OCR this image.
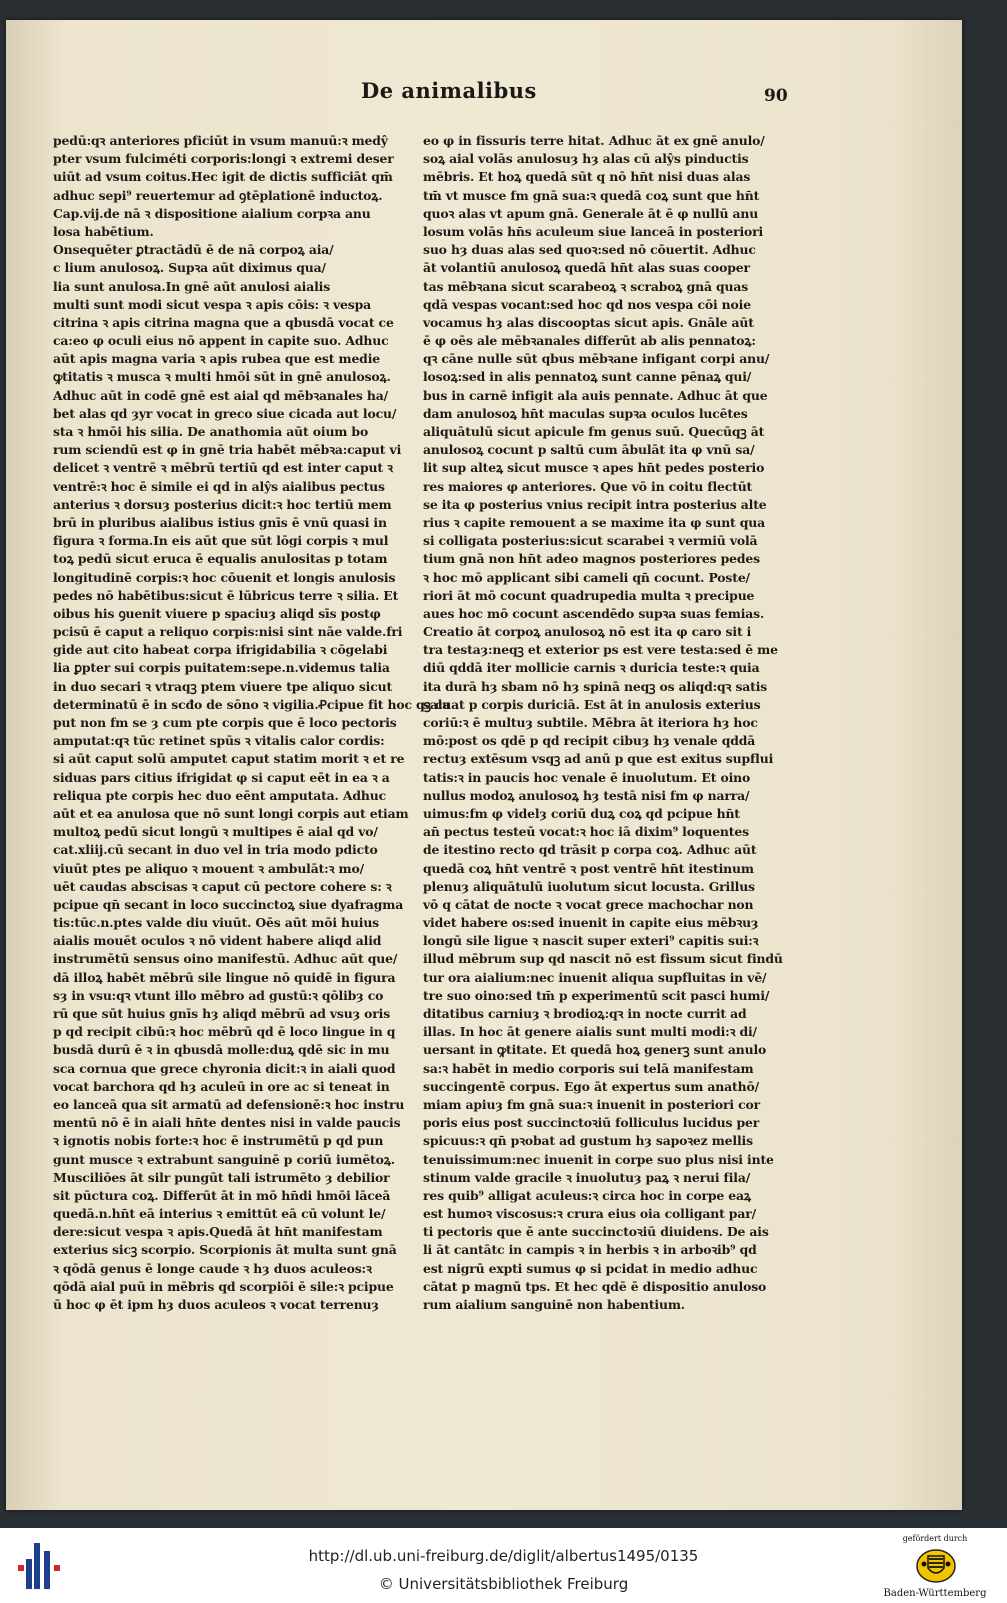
De animalibus	90
pedū:qꝛ anteriores pficiūt in vsum manuū:ꝛ medŷ
pter vsum fulciméti corporis:longi ꝛ extremi deser
uiūt ad vsum coitus.Hec igit de dictis sufficiāt qm̄
adhuc sepi⁹ reuertemur ad ꝯtēplationē inductoꝝ.
Cap.vij.de nā ꝛ dispositione aialium corpꝛa anu
losa habētium.
Onsequēter ꝑtractādū ē de nā corpoꝝ aia/
c lium anulosoꝝ. Supꝛa aūt diximus qua/
lia sunt anulosa.In gnē aūt anulosi aialis
multi sunt modi sicut vespa ꝛ apis cōis: ꝛ vespa
citrina ꝛ apis citrina magna que a qbusdā vocat ce
ca:eo φ oculi eius nō appent in capite suo. Adhuc
aūt apis magna varia ꝛ apis rubea que est medie
ꝙtitatis ꝛ musca ꝛ multi hmōi sūt in gnē anulosoꝝ.
Adhuc aūt in codē gnē est aial qd mēbꝛanales ha/
bet alas qd ȝyr vocat in greco siue cicada aut locu/
sta ꝛ hmōi his silia. De anathomia aūt oium bo
rum sciendū est φ in gnē tria habēt mēbꝛa:caput vi
delicet ꝛ ventrē ꝛ mēbrū tertiū qd est inter caput ꝛ
ventrē:ꝛ hoc ē simile ei qd in alŷs aialibus pectus
anterius ꝛ dorsuȝ posterius dicit:ꝛ hoc tertiū mem
brū in pluribus aialibus istius gnīs ē vnū quasi in
figura ꝛ forma.In eis aūt que sūt lōgi corpis ꝛ mul
toꝝ pedū sicut eruca ē equalis anulositas p totam
longitudinē corpis:ꝛ hoc cōuenit et longis anulosis
pedes nō habētibus:sicut ē lūbricus terre ꝛ silia. Et
oibus his ꝯuenit viuere p spaciuȝ aliqd sīs postφ
pcisū ē caput a reliquo corpis:nisi sint nāe valde.fri
gide aut cito habeat corpa ifrigidabilia ꝛ cōgelabi
lia ꝑpter sui corpis puitatem:sepe.n.videmus talia
in duo secari ꝛ vtraqꝫ ptem viuere tpe aliquo sicut
determinatū ē in scđo de sōno ꝛ vigilia.Ꝓcipue fit hoc qꝫ ca
put non fm se ȝ cum pte corpis que ē loco pectoris
amputat:qꝛ tūc retinet spūs ꝛ vitalis calor cordis:
si aūt caput solū amputet caput statim morit ꝛ et re
siduas pars citius ifrigidat φ si caput eēt in ea ꝛ a
reliqua pte corpis hec duo eēnt amputata. Adhuc
aūt et ea anulosa que nō sunt longi corpis aut etiam
multoꝝ pedū sicut longū ꝛ multipes ē aial qd vo/
cat.xliij.cū secant in duo vel in tria modo pdicto
viuūt ptes pe aliquo ꝛ mouent ꝛ ambulāt:ꝛ mo/
uēt caudas abscisas ꝛ caput cū pectore cohere s: ꝛ
pcipue qn̄ secant in loco succinctoꝝ siue dyafragma
tis:tūc.n.ptes valde diu viuūt. Oēs aūt mōi huius
aialis mouēt oculos ꝛ nō vident habere aliqd alid
instrumētū sensus oino manifestū. Adhuc aūt que/
dā illoꝝ habēt mēbrū sile lingue nō quidē in figura
sȝ in vsu:qꝛ vtunt illo mēbro ad gustū:ꝛ qōlibȝ co
rū que sūt huius gnīs hȝ aliqd mēbrū ad vsuȝ oris
p qd recipit cibū:ꝛ hoc mēbrū qd ē loco lingue in q
busdā durū ē ꝛ in qbusdā molle:duꝝ qdē sic in mu
sca cornua que grece chyronia dicit:ꝛ in aiali quod
vocat barchora qd hȝ aculeū in ore ac si teneat in
eo lanceā qua sit armatū ad defensionē:ꝛ hoc instru
mentū nō ē in aiali hn̄te dentes nisi in valde paucis
ꝛ ignotis nobis forte:ꝛ hoc ē instrumētū p qd pun
gunt musce ꝛ extrabunt sanguinē p coriū iumētoꝝ.
Musciliōes āt silr pungūt tali istrumēto ȝ debilior
sit pūctura coꝝ. Differūt āt in mō hn̄di hmōi lāceā
quedā.n.hn̄t eā interius ꝛ emittūt eā cū volunt le/
dere:sicut vespa ꝛ apis.Quedā āt hn̄t manifestam
exterius sicꝫ scorpio. Scorpionis āt multa sunt gnā
ꝛ qōdā genus ē longe caude ꝛ hȝ duos aculeos:ꝛ
qōdā aial puū in mēbris qd scorpiōi ē sile:ꝛ pcipue
ū hoc φ ēt ipm hȝ duos aculeos ꝛ vocat terrenuȝ
eo φ in fissuris terre hitat. Adhuc āt ex gnē anulo/
soꝝ aial volās anulosuȝ hȝ alas cū alŷs pinductis
mēbris. Et hoꝝ quedā sūt q nō hn̄t nisi duas alas
tm̄ vt musce fm gnā sua:ꝛ quedā coꝝ sunt que hn̄t
quoꝛ alas vt apum gnā. Generale āt ē φ nullū anu
losum volās hn̄s aculeum siue lanceā in posteriori
suo hȝ duas alas sed quoꝛ:sed nō cōuertit. Adhuc
āt volantiū anulosoꝝ quedā hn̄t alas suas cooper
tas mēbꝛana sicut scarabeoꝝ ꝛ scraboꝝ gnā quas
qdā vespas vocant:sed hoc qd nos vespa cōi noie
vocamus hȝ alas discooptas sicut apis. Gnāle aūt
ē φ oēs ale mēbꝛanales differūt ab alis pennatoꝝ:
qꝛ cāne nulle sūt qbus mēbꝛane infigant corpi anu/
losoꝝ:sed in alis pennatoꝝ sunt canne pēnaꝝ qui/
bus in carnē infigit ala auis pennate. Adhuc āt que
dam anulosoꝝ hn̄t maculas supꝛa oculos lucētes
aliquātulū sicut apicule fm genus suū. Quecūqꝫ āt
anulosoꝝ cocunt p saltū cum ābulāt ita φ vnū sa/
lit sup alteꝝ sicut musce ꝛ apes hn̄t pedes posterio
res maiores φ anteriores. Que vō in coitu flectūt
se ita φ posterius vnius recipit intra posterius alte
rius ꝛ capite remouent a se maxime ita φ sunt qua
si colligata posterius:sicut scarabei ꝛ vermiū volā
tium gnā non hn̄t adeo magnos posteriores pedes
ꝛ hoc mō applicant sibi cameli qn̄ cocunt. Poste/
riori āt mō cocunt quadrupedia multa ꝛ precipue
aues hoc mō cocunt ascendēdo supꝛa suas femias.
Creatio āt corpoꝝ anulosoꝝ nō est ita φ caro sit i
tra testaȝ:neqꝫ et exterior ps est vere testa:sed ē me
diū qddā iter mollicie carnis ꝛ duricia teste:ꝛ quia
ita durā hȝ sbam nō hȝ spinā neqꝫ os aliqd:qꝛ satis
saluat p corpis duriciā. Est āt in anulosis exterius
coriū:ꝛ ē multuȝ subtile. Mēbra āt iteriora hȝ hoc
mō:post os qdē p qd recipit cibuȝ hȝ venale qddā
rectuȝ extēsum vsqꝫ ad anū p que est exitus supflui
tatis:ꝛ in paucis hoc venale ē inuolutum. Et oino
nullus modoꝝ anulosoꝝ hȝ testā nisi fm φ narra/
uimus:fm φ videlȝ coriū duꝝ coꝝ qd pcipue hn̄t
an̄ pectus testeū vocat:ꝛ hoc iā dixim⁹ loquentes
de itestino recto qd trāsit p corpa coꝝ. Adhuc aūt
quedā coꝝ hn̄t ventrē ꝛ post ventrē hn̄t itestinum
plenuȝ aliquātulū iuolutum sicut locusta. Grillus
vō q cātat de nocte ꝛ vocat grece machochar non
videt habere os:sed inuenit in capite eius mēbꝛuȝ
longū sile ligue ꝛ nascit super exteri⁹ capitis sui:ꝛ
illud mēbrum sup qd nascit nō est fissum sicut findū
tur ora aialium:nec inuenit aliqua supfluitas in vē/
tre suo oino:sed tm̄ p experimentū scit pasci humi/
ditatibus carniuȝ ꝛ brodioꝝ:qꝛ in nocte currit ad
illas. In hoc āt genere aialis sunt multi modi:ꝛ di/
uersant in ꝙtitate. Et quedā hoꝝ generꝫ sunt anulo
sa:ꝛ habēt in medio corporis sui telā manifestam
succingentē corpus. Ego āt expertus sum anathō/
miam apiuȝ fm gnā sua:ꝛ inuenit in posteriori cor
poris eius post succinctoꝛiū folliculus lucidus per
spicuus:ꝛ qn̄ pꝛobat ad gustum hȝ sapoꝛez mellis
tenuissimum:nec inuenit in corpe suo plus nisi inte
stinum valde gracile ꝛ inuolutuȝ paꝝ ꝛ nerui fila/
res quib⁹ alligat aculeus:ꝛ circa hoc in corpe eaꝝ
est humoꝛ viscosus:ꝛ crura eius oia colligant par/
ti pectoris que ē ante succinctoꝛiū diuidens. De ais
li āt cantātc in campis ꝛ in herbis ꝛ in arboꝛib⁹ qd
est nigrū expti sumus φ si pcidat in medio adhuc
cātat p magnū tps. Et hec qdē ē dispositio anuloso
rum aialium sanguinē non habentium.
http://dl.ub.uni-freiburg.de/diglit/albertus1495/0135
© Universitätsbibliothek Freiburg
gefördert durch
Baden-Württemberg
